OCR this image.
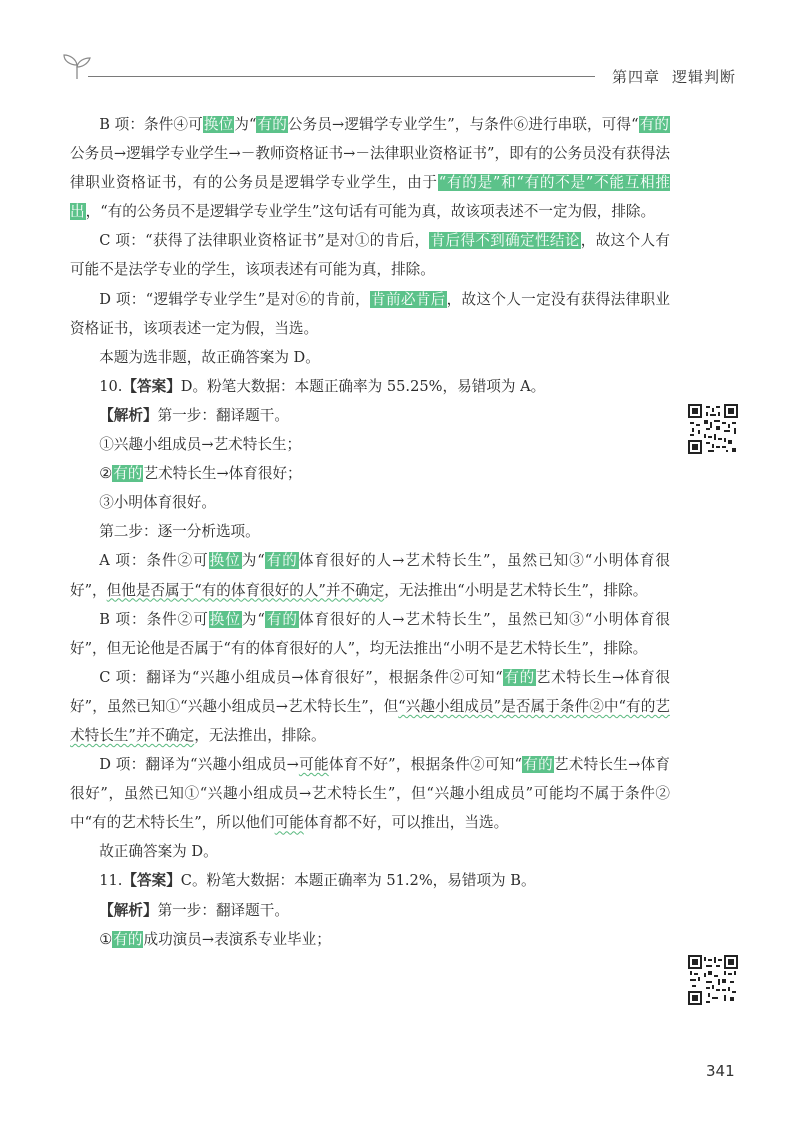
第四章 逻辑判断

B 项：条件④可换位为“有的公务员→逻辑学专业学生”，与条件⑥进行串联，可得“有的公务员→逻辑学专业学生→－教师资格证书→－法律职业资格证书”，即有的公务员没有获得法律职业资格证书，有的公务员是逻辑学专业学生，由于“有的是”和“有的不是”不能互相推出，“有的公务员不是逻辑学专业学生”这句话有可能为真，故该项表述不一定为假，排除。

C 项：“获得了法律职业资格证书”是对①的肯后，肯后得不到确定性结论，故这个人有可能不是法学专业的学生，该项表述有可能为真，排除。

D 项：“逻辑学专业学生”是对⑥的肯前，肯前必肯后，故这个人一定没有获得法律职业资格证书，该项表述一定为假，当选。

本题为选非题，故正确答案为 D。

10.【答案】D。粉笔大数据：本题正确率为 55.25%，易错项为 A。

【解析】第一步：翻译题干。

①兴趣小组成员→艺术特长生；

②有的艺术特长生→体育很好；

③小明体育很好。

第二步：逐一分析选项。

A 项：条件②可换位为“有的体育很好的人→艺术特长生”，虽然已知③“小明体育很好”，但他是否属于“有的体育很好的人”并不确定，无法推出“小明是艺术特长生”，排除。

B 项：条件②可换位为“有的体育很好的人→艺术特长生”，虽然已知③“小明体育很好”，但无论他是否属于“有的体育很好的人”，均无法推出“小明不是艺术特长生”，排除。

C 项：翻译为“兴趣小组成员→体育很好”，根据条件②可知“有的艺术特长生→体育很好”，虽然已知①“兴趣小组成员→艺术特长生”，但“兴趣小组成员”是否属于条件②中“有的艺术特长生”并不确定，无法推出，排除。

D 项：翻译为“兴趣小组成员→可能体育不好”，根据条件②可知“有的艺术特长生→体育很好”，虽然已知①“兴趣小组成员→艺术特长生”，但“兴趣小组成员”可能均不属于条件②中“有的艺术特长生”，所以他们可能体育都不好，可以推出，当选。

故正确答案为 D。

11.【答案】C。粉笔大数据：本题正确率为 51.2%，易错项为 B。

【解析】第一步：翻译题干。

①有的成功演员→表演系专业毕业；

341
